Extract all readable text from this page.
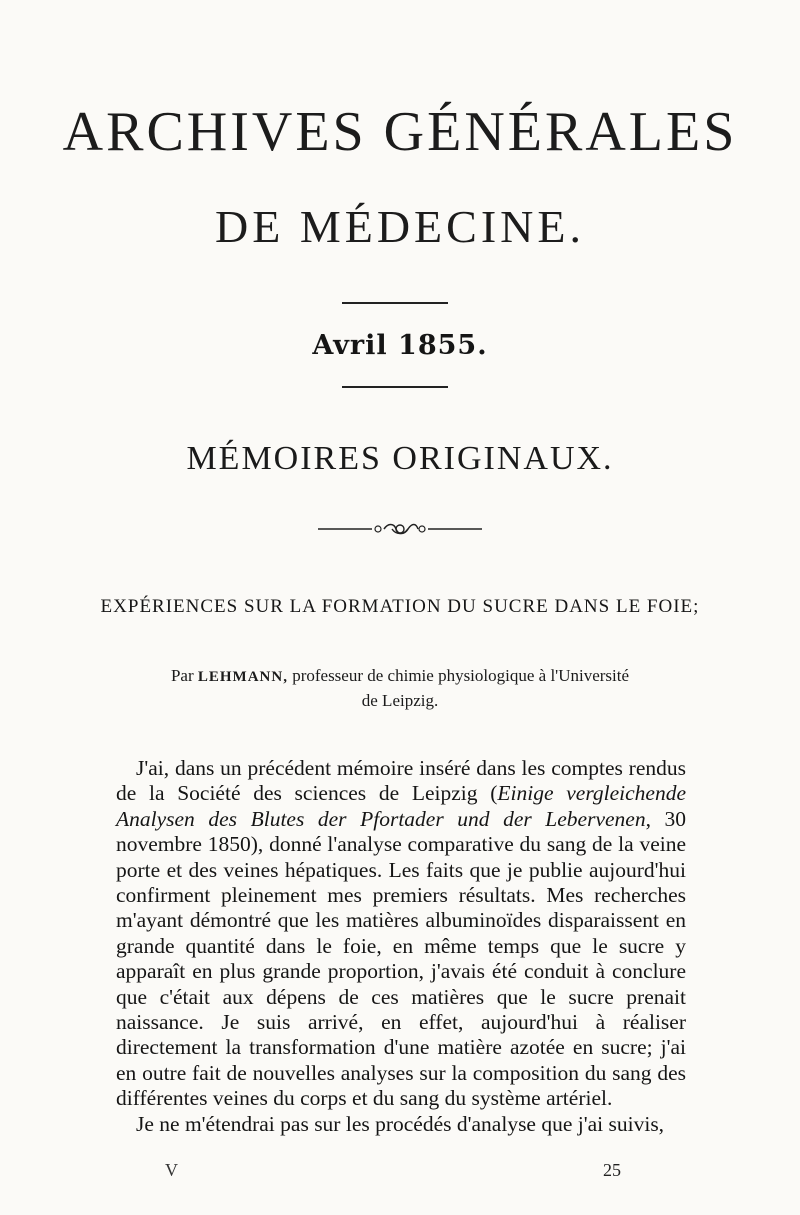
ARCHIVES GÉNÉRALES
DE MÉDECINE.
Avril 1855.
MÉMOIRES ORIGINAUX.
EXPÉRIENCES SUR LA FORMATION DU SUCRE DANS LE FOIE;
Par LEHMANN, professeur de chimie physiologique à l'Université
de Leipzig.

J'ai, dans un précédent mémoire inséré dans les comptes rendus de la Société des sciences de Leipzig (Einige vergleichende Analysen des Blutes der Pfortader und der Lebervenen, 30 novembre 1850), donné l'analyse comparative du sang de la veine porte et des veines hépatiques. Les faits que je publie aujourd'hui confirment pleinement mes premiers résultats. Mes recherches m'ayant démontré que les matières albuminoïdes disparaissent en grande quantité dans le foie, en même temps que le sucre y apparaît en plus grande proportion, j'avais été conduit à conclure que c'était aux dépens de ces matières que le sucre prenait naissance. Je suis arrivé, en effet, aujourd'hui à réaliser directement la transformation d'une matière azotée en sucre; j'ai en outre fait de nouvelles analyses sur la composition du sang des différentes veines du corps et du sang du système artériel.

Je ne m'étendrai pas sur les procédés d'analyse que j'ai suivis,

V	25
